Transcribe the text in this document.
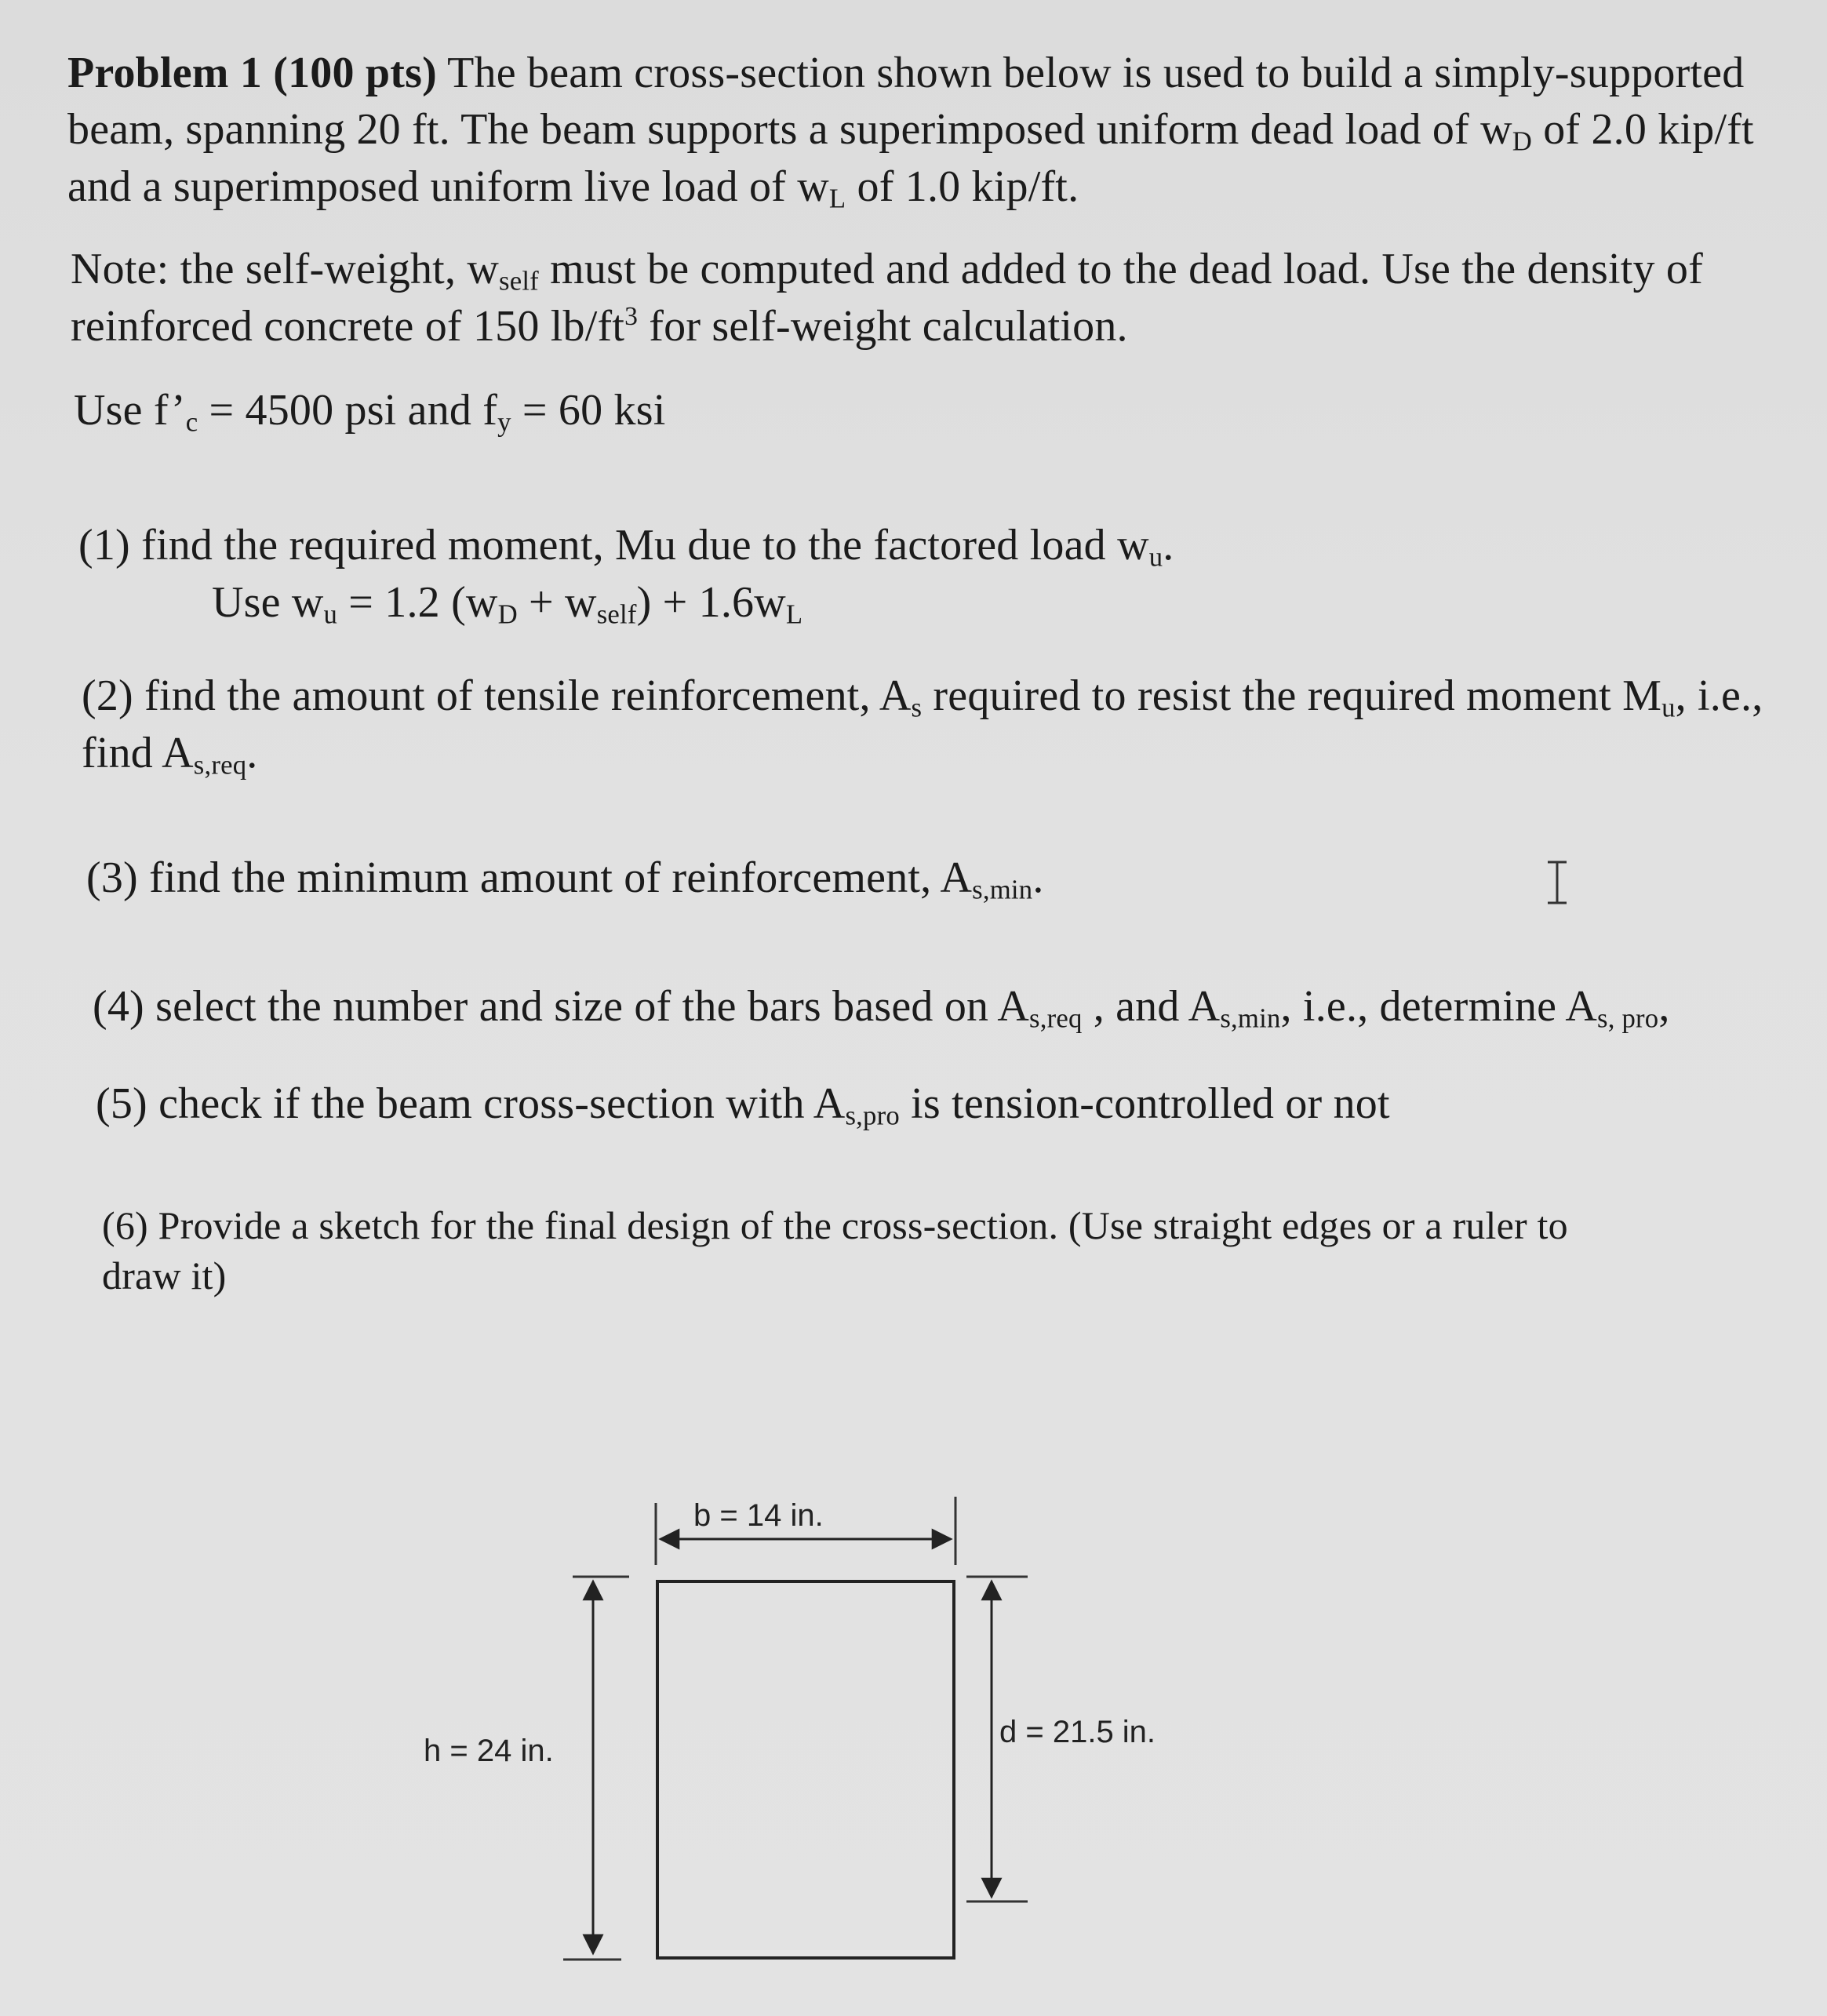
Problem 1 (100 pts) The beam cross-section shown below is used to build a simply-supported
beam, spanning 20 ft. The beam supports a superimposed uniform dead load of $w_D$ of 2.0 kip/ft
and a superimposed uniform live load of $w_L$ of 1.0 kip/ft.
Note: the self-weight, $w_{self}$ must be computed and added to the dead load. Use the density of
reinforced concrete of 150 $lb/ft^3$ for self-weight calculation.
Use $f’_c = 4500$ psi and $f_y = 60$ ksi
(1) find the required moment, Mu due to the factored load $w_u$.
Use $w_u = 1.2$ $(w_D + w_{self}) + 1.6w_L$
(2) find the amount of tensile reinforcement, $A_s$ required to resist the required moment $M_u$, i.e.,
find $A_{s,req}$.
(3) find the minimum amount of reinforcement, $A_{s,min}$.
(4) select the number and size of the bars based on $A_{s,req}$ , and $A_{s,min}$, i.e., determine $A_{s, pro}$,
(5) check if the beam cross-section with $A_{s,pro}$ is tension-controlled or not
(6) Provide a sketch for the final design of the cross-section. (Use straight edges or a ruler to
draw it)
b = 14 in.
h = 24 in.
d = 21.5 in.
